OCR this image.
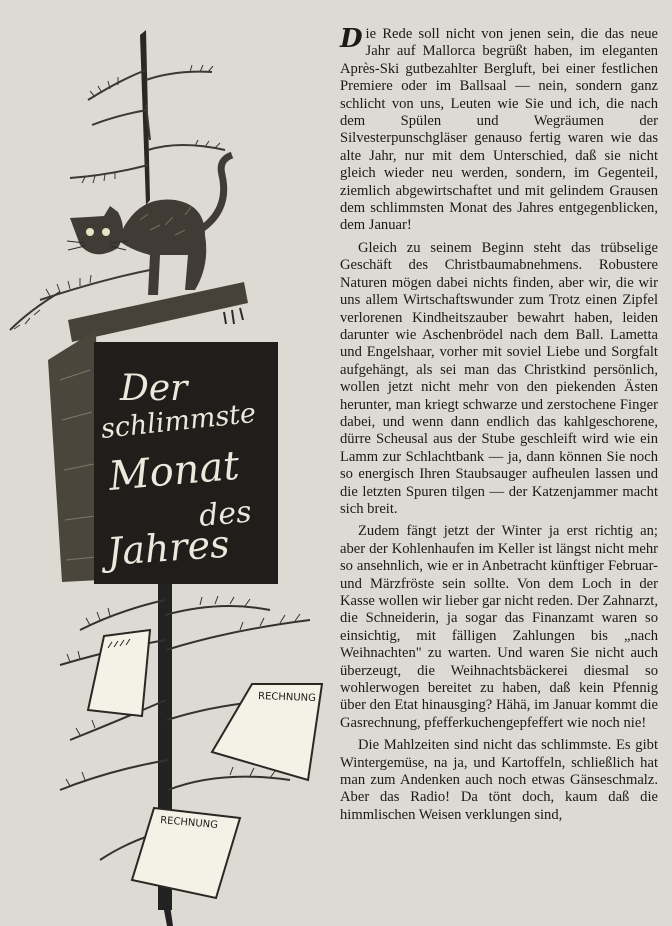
Der
schlimmste
Monat
des
Jahres
RECHNUNG
RECHNUNG

Die Rede soll nicht von jenen sein, die das neue Jahr auf Mallorca begrüßt haben, im eleganten Après-Ski gutbezahlter Bergluft, bei einer festlichen Premiere oder im Ballsaal — nein, sondern ganz schlicht von uns, Leuten wie Sie und ich, die nach dem Spülen und Wegräumen der Silvesterpunschgläser genauso fertig waren wie das alte Jahr, nur mit dem Unterschied, daß sie nicht gleich wieder neu werden, sondern, im Gegenteil, ziemlich abgewirtschaftet und mit gelindem Grausen dem schlimmsten Monat des Jahres entgegenblicken, dem Januar!

Gleich zu seinem Beginn steht das trübselige Geschäft des Christbaumabnehmens. Robustere Naturen mögen dabei nichts finden, aber wir, die wir uns allem Wirtschaftswunder zum Trotz einen Zipfel verlorenen Kindheitszauber bewahrt haben, leiden darunter wie Aschenbrödel nach dem Ball. Lametta und Engelshaar, vorher mit soviel Liebe und Sorgfalt aufgehängt, als sei man das Christkind persönlich, wollen jetzt nicht mehr von den piekenden Ästen herunter, man kriegt schwarze und zerstochene Finger dabei, und wenn dann endlich das kahlgeschorene, dürre Scheusal aus der Stube geschleift wird wie ein Lamm zur Schlachtbank — ja, dann können Sie noch so energisch Ihren Staubsauger aufheulen lassen und die letzten Spuren tilgen — der Katzenjammer macht sich breit.

Zudem fängt jetzt der Winter ja erst richtig an; aber der Kohlenhaufen im Keller ist längst nicht mehr so ansehnlich, wie er in Anbetracht künftiger Februar- und Märzfröste sein sollte. Von dem Loch in der Kasse wollen wir lieber gar nicht reden. Der Zahnarzt, die Schneiderin, ja sogar das Finanzamt waren so einsichtig, mit fälligen Zahlungen bis „nach Weihnachten" zu warten. Und waren Sie nicht auch überzeugt, die Weihnachtsbäckerei diesmal so wohlerwogen bereitet zu haben, daß kein Pfennig über den Etat hinausging? Hähä, im Januar kommt die Gasrechnung, pfefferkuchengepfeffert wie noch nie!

Die Mahlzeiten sind nicht das schlimmste. Es gibt Wintergemüse, na ja, und Kartoffeln, schließlich hat man zum Andenken auch noch etwas Gänseschmalz. Aber das Radio! Da tönt doch, kaum daß die himmlischen Weisen verklungen sind,
